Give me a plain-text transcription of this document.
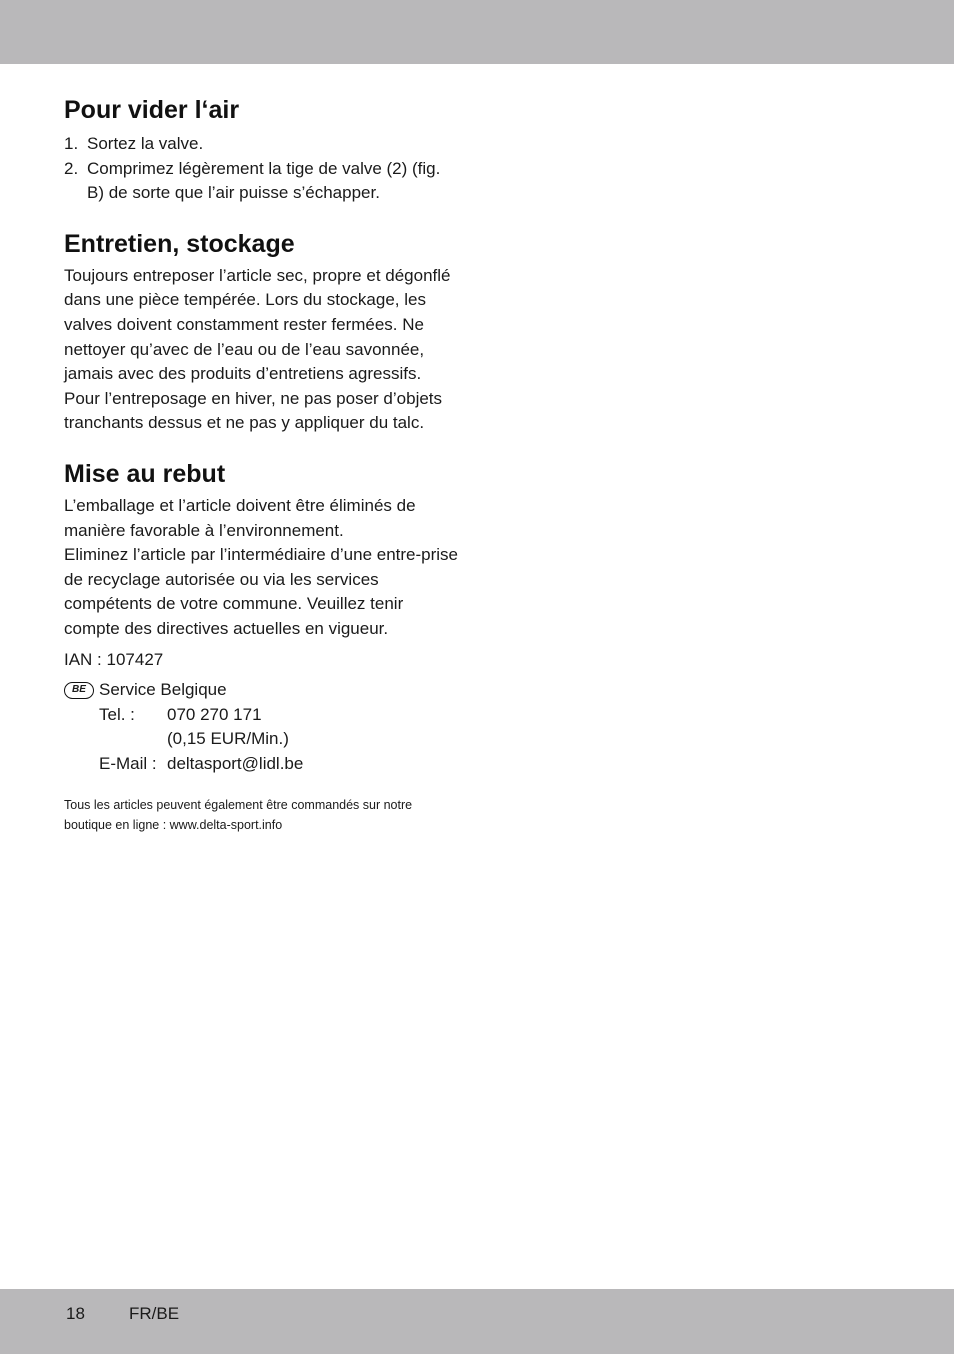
Pour vider l‘air
1. Sortez la valve.
2. Comprimez légèrement la tige de valve (2) (fig. B) de sorte que l’air puisse s’échapper.
Entretien, stockage

Toujours entreposer l’article sec, propre et dégonflé dans une pièce tempérée. Lors du stockage, les valves doivent constamment rester fermées. Ne nettoyer qu’avec de l’eau ou de l’eau savonnée, jamais avec des produits d’entretiens agressifs. Pour l’entreposage en hiver, ne pas poser d’objets tranchants dessus et ne pas y appliquer du talc.

Mise au rebut

L’emballage et l’article doivent être éliminés de manière favorable à l’environnement.

Eliminez l’article par l’intermédiaire d’une entre-prise de recyclage autorisée ou via les services compétents de votre commune. Veuillez tenir compte des directives actuelles en vigueur.

IAN : 107427

BE Service Belgique
Tel. :	070 270 171
(0,15 EUR/Min.)
E-Mail : deltasport@lidl.be

Tous les articles peuvent également être commandés sur notre boutique en ligne : www.delta-sport.info

18	FR/BE
